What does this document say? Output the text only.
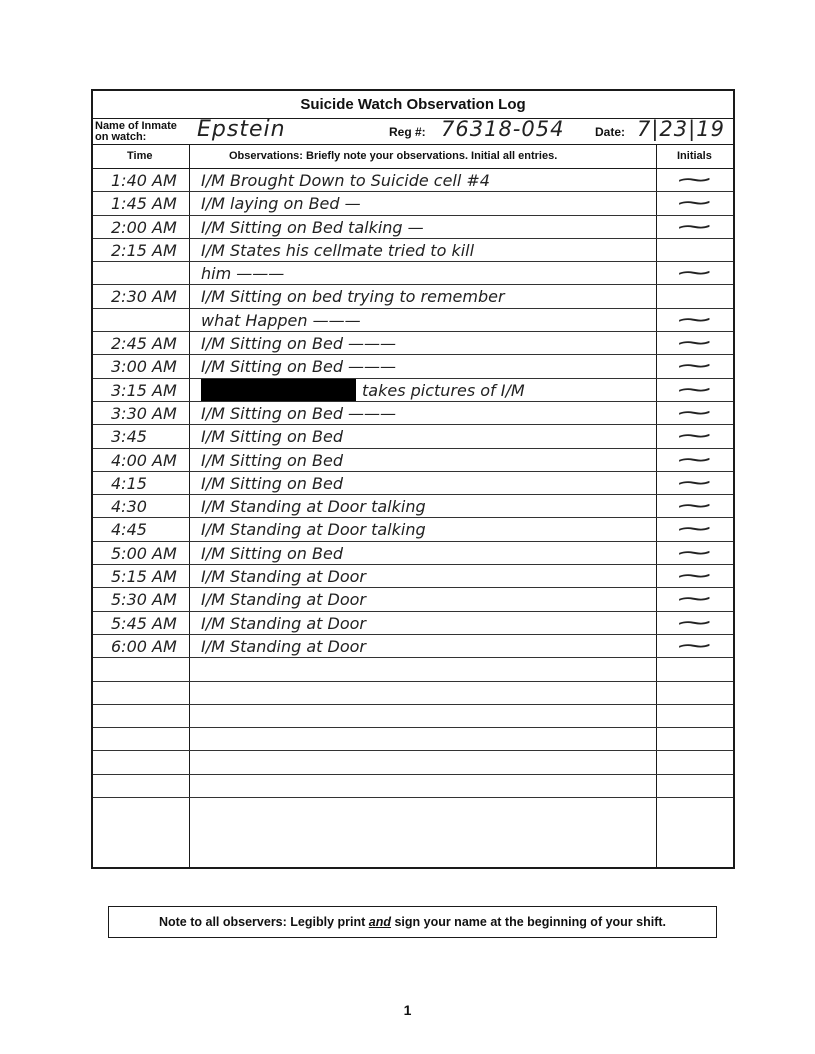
Suicide Watch Observation Log
Name of Inmate
on watch: Epstein	Reg #: 76318-054	Date: 7|23|19
Time	Observations: Briefly note your observations. Initial all entries.	Initials
1:40 AM	I/M Brought Down to Suicide cell #4	~
1:45 AM	I/M laying on Bed —	~
2:00 AM	I/M Sitting on Bed talking —	~
2:15 AM	I/M States his cellmate tried to kill
him ———	~
2:30 AM	I/M Sitting on bed trying to remember
what Happen ———	~
2:45 AM	I/M Sitting on Bed ———	~
3:00 AM	I/M Sitting on Bed ———	~
3:15 AM	takes pictures of I/M	~
3:30 AM	I/M Sitting on Bed ———	~
3:45	I/M Sitting on Bed	~
4:00 AM	I/M Sitting on Bed	~
4:15	I/M Sitting on Bed	~
4:30	I/M Standing at Door talking	~
4:45	I/M Standing at Door talking	~
5:00 AM	I/M Sitting on Bed	~
5:15 AM	I/M Standing at Door	~
5:30 AM	I/M Standing at Door	~
5:45 AM	I/M Standing at Door	~
6:00 AM	I/M Standing at Door	~
Note to all observers: Legibly print and sign your name at the beginning of your shift.
1
